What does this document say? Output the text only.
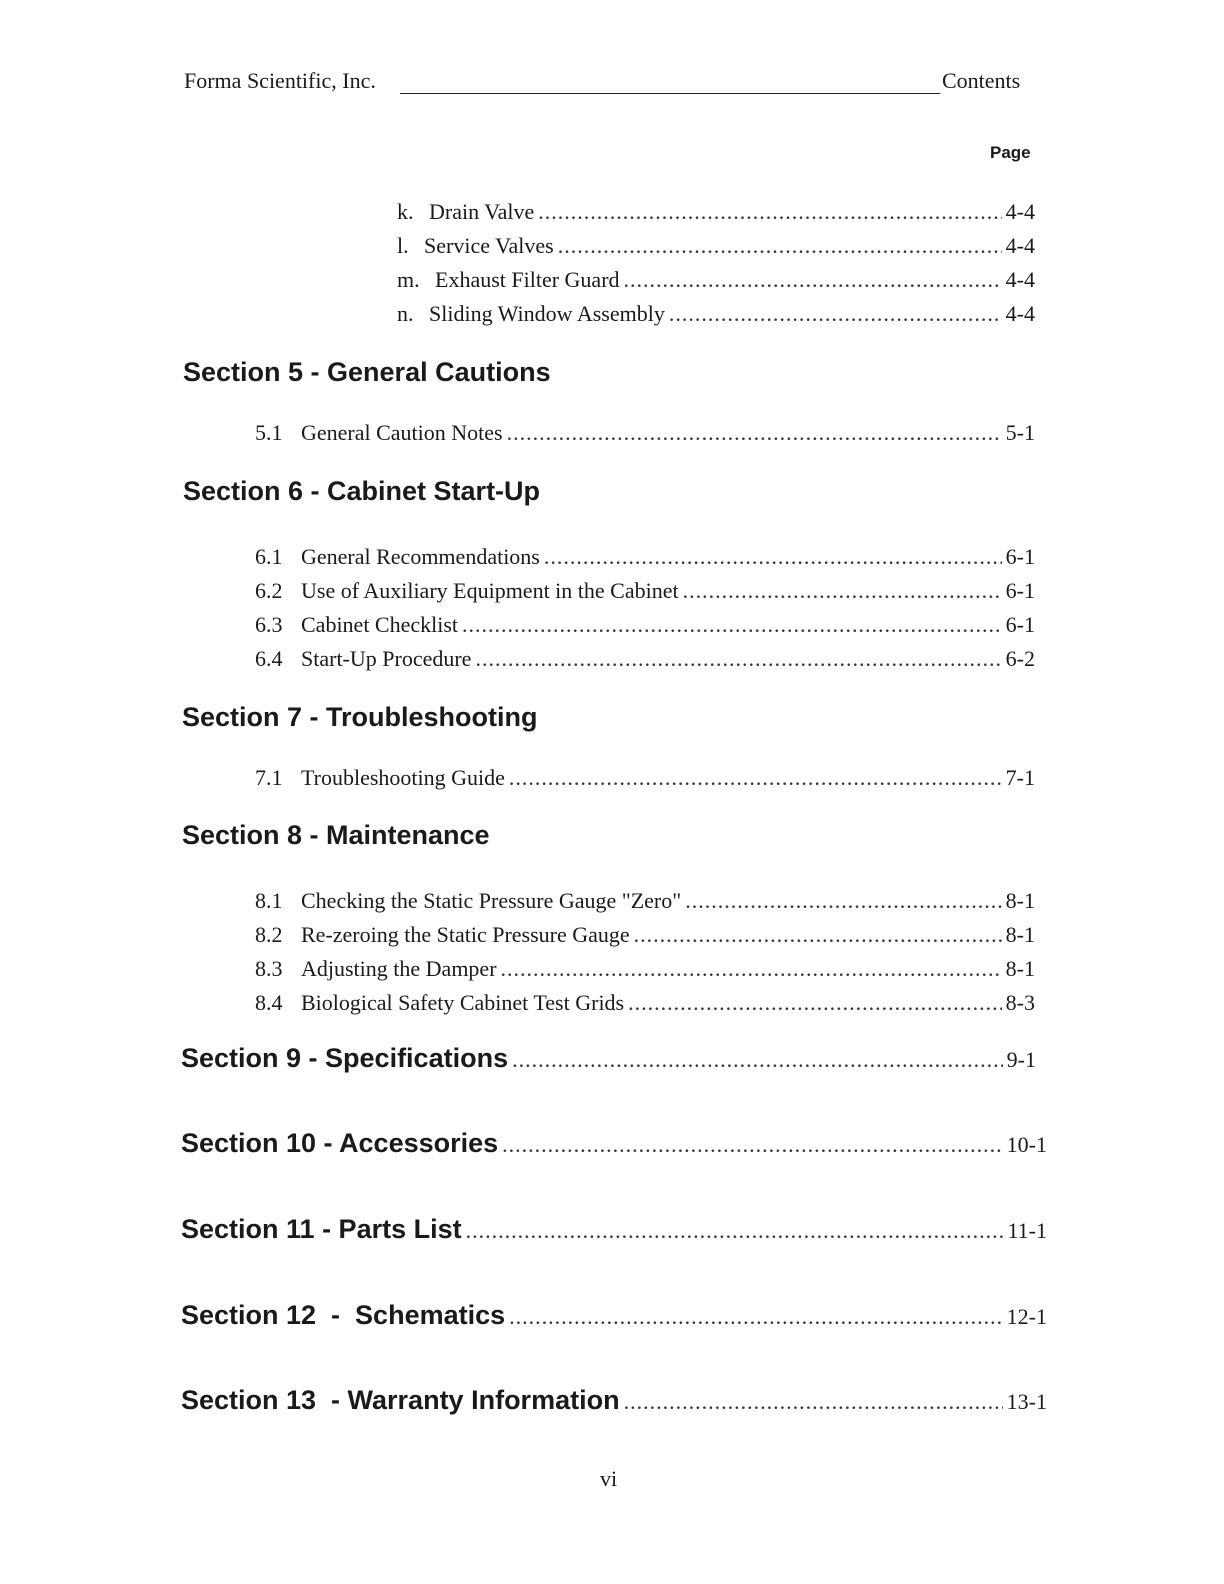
Forma Scientific, Inc.	Contents
Page
k. Drain Valve .....	4-4
l. Service Valves .....	4-4
m. Exhaust Filter Guard .....	4-4
n. Sliding Window Assembly .....	4-4
Section 5 - General Cautions
5.1 General Caution Notes .....	5-1
Section 6 - Cabinet Start-Up
6.1 General Recommendations .....	6-1
6.2 Use of Auxiliary Equipment in the Cabinet .....	6-1
6.3 Cabinet Checklist .....	6-1
6.4 Start-Up Procedure .....	6-2
Section 7 - Troubleshooting
7.1 Troubleshooting Guide .....	7-1
Section 8 - Maintenance
8.1 Checking the Static Pressure Gauge "Zero" .....	8-1
8.2 Re-zeroing the Static Pressure Gauge .....	8-1
8.3 Adjusting the Damper .....	8-1
8.4 Biological Safety Cabinet Test Grids .....	8-3
Section 9 - Specifications .....	9-1
Section 10 - Accessories .....	10-1
Section 11 - Parts List .....	11-1
Section 12  -  Schematics .....	12-1
Section 13  - Warranty Information .....	13-1
vi
